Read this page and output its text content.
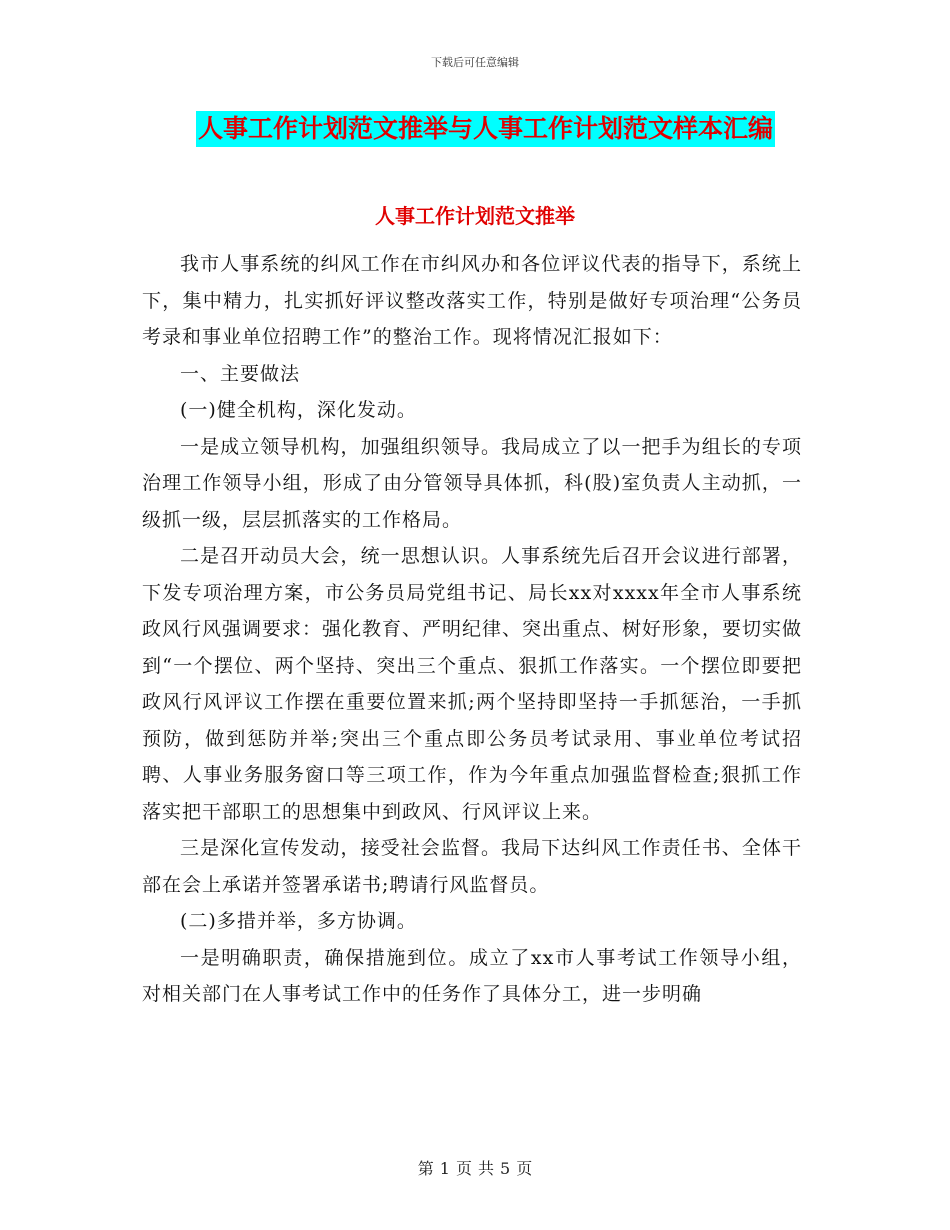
下载后可任意编辑
人事工作计划范文推举与人事工作计划范文样本汇编
人事工作计划范文推举

我市人事系统的纠风工作在市纠风办和各位评议代表的指导下，系统上下，集中精力，扎实抓好评议整改落实工作，特别是做好专项治理“公务员考录和事业单位招聘工作”的整治工作。现将情况汇报如下：

一、主要做法

(一)健全机构，深化发动。

一是成立领导机构，加强组织领导。我局成立了以一把手为组长的专项治理工作领导小组，形成了由分管领导具体抓，科(股)室负责人主动抓，一级抓一级，层层抓落实的工作格局。

二是召开动员大会，统一思想认识。人事系统先后召开会议进行部署，下发专项治理方案，市公务员局党组书记、局长xx对xxxx年全市人事系统政风行风强调要求：强化教育、严明纪律、突出重点、树好形象，要切实做到“一个摆位、两个坚持、突出三个重点、狠抓工作落实。一个摆位即要把政风行风评议工作摆在重要位置来抓;两个坚持即坚持一手抓惩治，一手抓预防，做到惩防并举;突出三个重点即公务员考试录用、事业单位考试招聘、人事业务服务窗口等三项工作，作为今年重点加强监督检查;狠抓工作落实把干部职工的思想集中到政风、行风评议上来。

三是深化宣传发动，接受社会监督。我局下达纠风工作责任书、全体干部在会上承诺并签署承诺书;聘请行风监督员。

(二)多措并举，多方协调。

一是明确职责，确保措施到位。成立了xx市人事考试工作领导小组，对相关部门在人事考试工作中的任务作了具体分工，进一步明确

第 1 页 共 5 页
